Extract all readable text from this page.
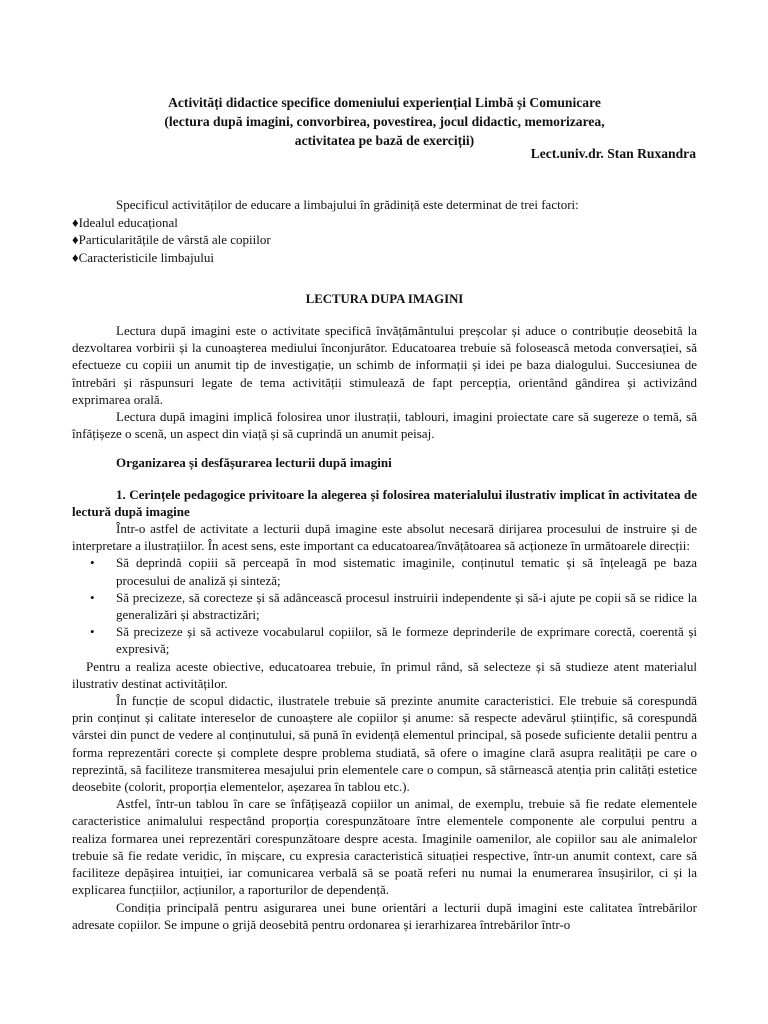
Activități didactice specifice domeniului experiențial Limbă și Comunicare
(lectura după imagini, convorbirea, povestirea, jocul didactic, memorizarea,
activitatea pe bază de exerciții)
Lect.univ.dr. Stan Ruxandra

Specificul activităților de educare a limbajului în grădiniță este determinat de trei factori:

♦ Idealul educațional
♦ Particularitățile de vârstă ale copiilor
♦ Caracteristicile limbajului
LECTURA DUPA IMAGINI

Lectura după imagini este o activitate specifică învățământului preșcolar și aduce o contribuție deosebită la dezvoltarea vorbirii și la cunoașterea mediului înconjurător. Educatoarea trebuie să folosească metoda conversației, să efectueze cu copiii un anumit tip de investigație, un schimb de informații și idei pe baza dialogului. Succesiunea de întrebări și răspunsuri legate de tema activității stimulează de fapt percepția, orientând gândirea și activizând exprimarea orală.

Lectura după imagini implică folosirea unor ilustrații, tablouri, imagini proiectate care să sugereze o temă, să înfățișeze o scenă, un aspect din viață și să cuprindă un anumit peisaj.

Organizarea și desfășurarea lecturii după imagini

1. Cerințele pedagogice privitoare la alegerea și folosirea materialului ilustrativ implicat în activitatea de lectură după imagine

Într-o astfel de activitate a lecturii după imagine este absolut necesară dirijarea procesului de instruire și de interpretare a ilustrațiilor. În acest sens, este important ca educatoarea/învățătoarea să acționeze în următoarele direcții:

• Să deprindă copiii să perceapă în mod sistematic imaginile, conținutul tematic și să înțeleagă pe baza procesului de analiză și sinteză;
• Să precizeze, să corecteze și să adâncească procesul instruirii independente și să-i ajute pe copii să se ridice la generalizări și abstractizări;
• Să precizeze și să activeze vocabularul copiilor, să le formeze deprinderile de exprimare corectă, coerentă și expresivă;

Pentru a realiza aceste obiective, educatoarea trebuie, în primul rând, să selecteze și să studieze atent materialul ilustrativ destinat activităților.

În funcție de scopul didactic, ilustratele trebuie să prezinte anumite caracteristici. Ele trebuie să corespundă prin conținut și calitate intereselor de cunoaștere ale copiilor și anume: să respecte adevărul științific, să corespundă vârstei din punct de vedere al conținutului, să pună în evidență elementul principal, să posede suficiente detalii pentru a forma reprezentări corecte și complete despre problema studiată, să ofere o imagine clară asupra realității pe care o reprezintă, să faciliteze transmiterea mesajului prin elementele care o compun, să stârnească atenția prin calități estetice deosebite (colorit, proporția elementelor, așezarea în tablou etc.).

Astfel, într-un tablou în care se înfățișează copiilor un animal, de exemplu, trebuie să fie redate elementele caracteristice animalului respectând proporția corespunzătoare între elementele componente ale corpului pentru a realiza formarea unei reprezentări corespunzătoare despre acesta. Imaginile oamenilor, ale copiilor sau ale animalelor trebuie să fie redate veridic, în mișcare, cu expresia caracteristică situației respective, într-un anumit context, care să faciliteze depășirea intuiției, iar comunicarea verbală să se poată referi nu numai la enumerarea însușirilor, ci și la explicarea funcțiilor, acțiunilor, a raporturilor de dependență.

Condiția principală pentru asigurarea unei bune orientări a lecturii după imagini este calitatea întrebărilor adresate copiilor. Se impune o grijă deosebită pentru ordonarea și ierarhizarea întrebărilor într-o
